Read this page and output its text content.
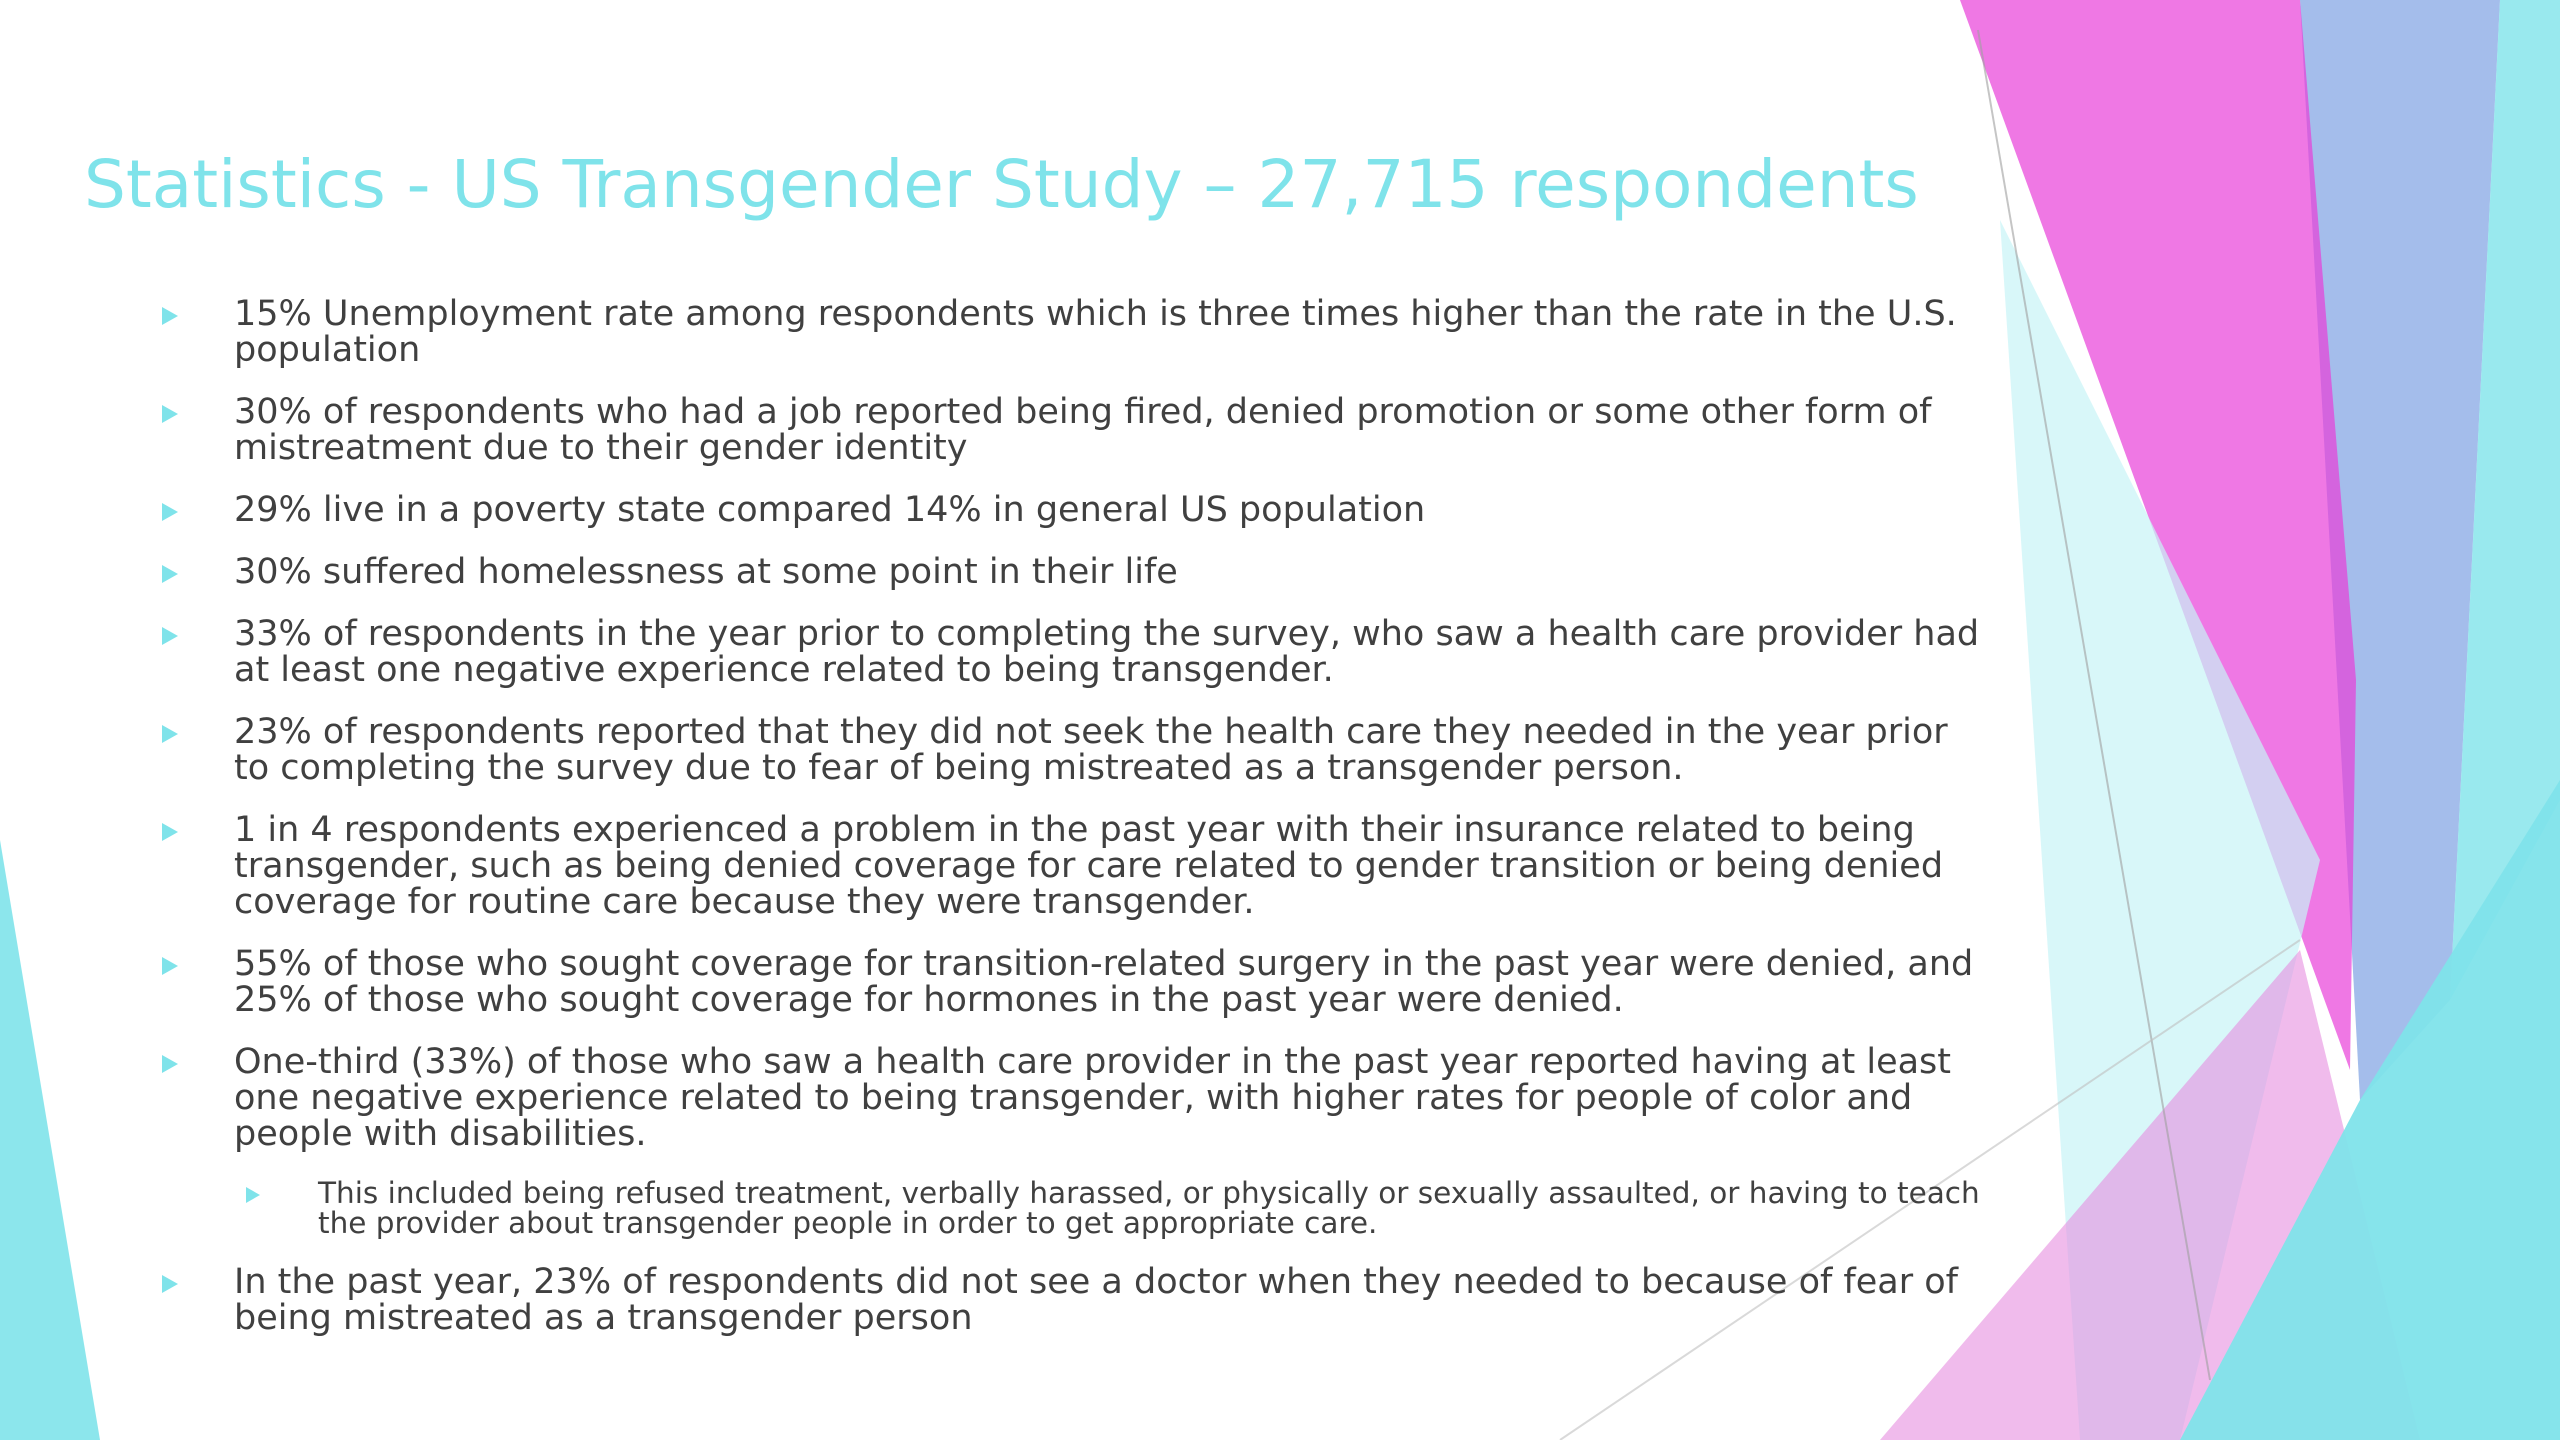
Statistics - US Transgender Study – 27,715 respondents
15% Unemployment rate among respondents which is three times higher than the rate in the U.S. population
30% of respondents who had a job reported being fired, denied promotion or some other form of mistreatment due to their gender identity
29% live in a poverty state compared 14% in general US population
30% suffered homelessness at some point in their life
33% of respondents in the year prior to completing the survey, who saw a health care provider had at least one negative experience related to being transgender.
23% of respondents reported that they did not seek the health care they needed in the year prior to completing the survey due to fear of being mistreated as a transgender person.
1 in 4 respondents experienced a problem in the past year with their insurance related to being transgender, such as being denied coverage for care related to gender transition or being denied coverage for routine care because they were transgender.
55% of those who sought coverage for transition-related surgery in the past year were denied, and 25% of those who sought coverage for hormones in the past year were denied.
One-third (33%) of those who saw a health care provider in the past year reported having at least one negative experience related to being transgender, with higher rates for people of color and people with disabilities.
This included being refused treatment, verbally harassed, or physically or sexually assaulted, or having to teach the provider about transgender people in order to get appropriate care.
In the past year, 23% of respondents did not see a doctor when they needed to because of fear of being mistreated as a transgender person
